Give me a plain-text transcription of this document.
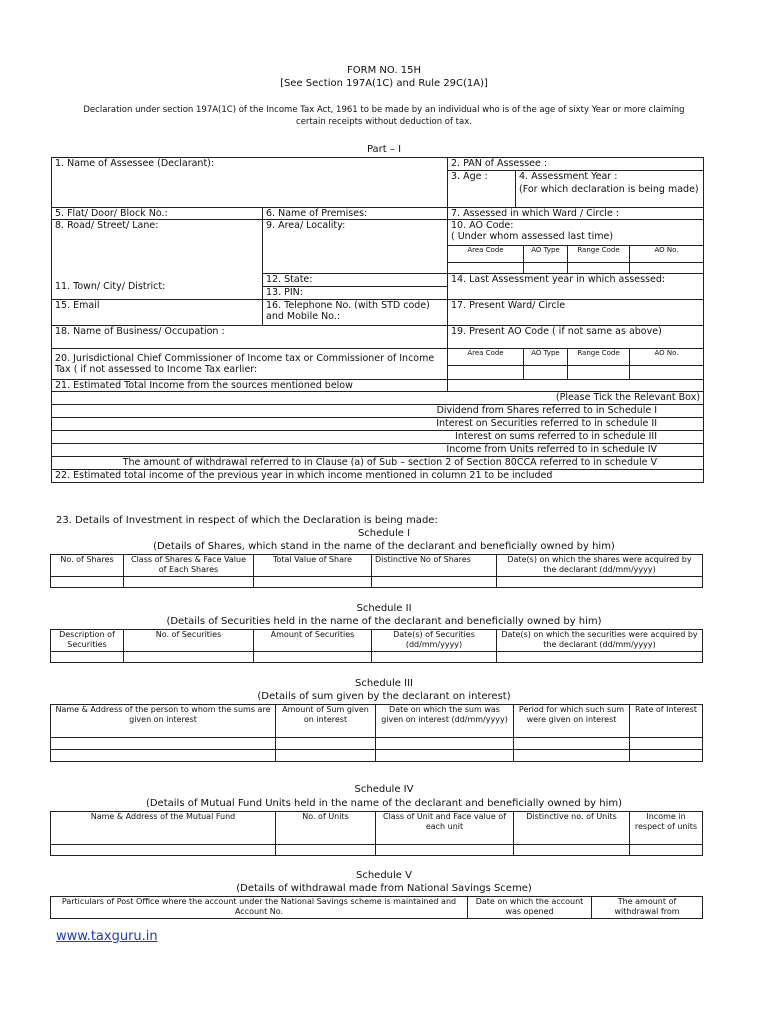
FORM NO. 15H
[See Section 197A(1C) and Rule 29C(1A)]
Declaration under section 197A(1C) of the Income Tax Act, 1961 to be made by an individual who is of the age of sixty Year or more claiming
certain receipts without deduction of tax.
Part – I
1. Name of Assessee (Declarant):		2. PAN of Assessee :				
		3. Age :	4. Assessment Year :			
			(For which declaration is being made)			
5. Flat/ Door/ Block No.:	6. Name of Premises:	7. Assessed in which Ward / Circle :				
8. Road/ Street/ Lane:	9. Area/ Locality:	10. AO Code:
( Under whom assessed last time)				
		Area Code		AO Type	Range Code	AO No.

11. Town/ City/ District:	12. State:	14. Last Assessment year in which assessed:				
	13. PIN:					
15. Email	16. Telephone No. (with STD code) and Mobile No.:	17. Present Ward/ Circle				
18. Name of Business/ Occupation :		19. Present AO Code ( if not same as above)				
20. Jurisdictional Chief Commissioner of Income tax or Commissioner of Income Tax ( if not assessed to Income Tax earlier:		Area Code		AO Type	Range Code	AO No.

21. Estimated Total Income from the sources mentioned below						
(Please Tick the Relevant Box)						
Dividend from Shares referred to in Schedule I						
Interest on Securities referred to in schedule II						
Interest on sums referred to in schedule III						
Income from Units referred to in schedule IV						
The amount of withdrawal referred to in Clause (a) of Sub – section 2 of Section 80CCA referred to in schedule V						
22. Estimated total income of the previous year in which income mentioned in column 21 to be included						
23. Details of Investment in respect of which the Declaration is being made:
Schedule I
(Details of Shares, which stand in the name of the declarant and beneficially owned by him)
No. of Shares	Class of Shares & Face Value of Each Shares	Total Value of Share	Distinctive No of Shares	Date(s) on which the shares were acquired by the declarant (dd/mm/yyyy)

Schedule II
(Details of Securities held in the name of the declarant and beneficially owned by him)
Description of Securities	No. of Securities	Amount of Securities	Date(s) of Securities (dd/mm/yyyy)	Date(s) on which the securities were acquired by the declarant (dd/mm/yyyy)

Schedule III
(Details of sum given by the declarant on interest)
Name & Address of the person to whom the sums are given on interest	Amount of Sum given on interest	Date on which the sum was given on interest (dd/mm/yyyy)	Period for which such sum were given on interest	Rate of Interest

Schedule IV
(Details of Mutual Fund Units held in the name of the declarant and beneficially owned by him)
Name & Address of the Mutual Fund	No. of Units	Class of Unit and Face value of each unit	Distinctive no. of Units	Income in respect of units

Schedule V
(Details of withdrawal made from National Savings Sceme)
Particulars of Post Office where the account under the National Savings scheme is maintained and Account No.	Date on which the account was opened	The amount of withdrawal from
www.taxguru.in
